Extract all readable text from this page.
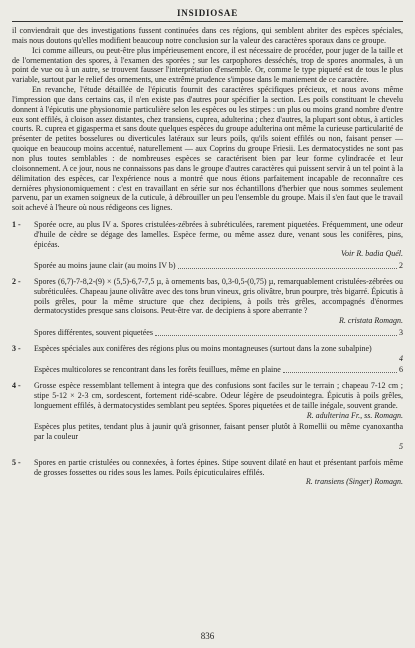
INSIDIOSAE

il conviendrait que des investigations fussent continuées dans ces régions, qui semblent abriter des espèces spéciales, mais nous doutons qu'elles modifient beaucoup notre conclusion sur la valeur des caractères sporaux dans ce groupe.

Ici comme ailleurs, ou peut-être plus impérieusement encore, il est nécessaire de procéder, pour juger de la taille et de l'ornementation des spores, à l'examen des sporées ; sur les carpophores desséchés, trop de spores anormales, à un point de vue ou à un autre, se trouvent fausser l'interprétation d'ensemble. Or, comme le type piqueté est de tous le plus variable, surtout par le relief des ornements, une extrême prudence s'impose dans le maniement de ce caractère.

En revanche, l'étude détaillée de l'épicutis fournit des caractères spécifiques précieux, et nous avons même l'impression que dans certains cas, il n'en existe pas d'autres pour spécifier la section. Les poils constituant le chevelu donnent à l'épicutis une physionomie particulière selon les espèces ou les stirpes : un plus ou moins grand nombre d'entre eux sont effilés, à cloison assez distantes, chez transiens, cuprea, adulterina ; chez d'autres, la plupart sont obtus, à articles courts. R. cuprea et gigasperma et sans doute quelques espèces du groupe adulterina ont même la curieuse particularité de présenter de petites bosselures ou diverticules latéraux sur leurs poils, qu'ils soient effilés ou non, faisant penser — quoique en beaucoup moins accentué, naturellement — aux Coprins du groupe Friesii. Les dermatocystides ne sont pas non plus toutes semblables : de nombreuses espèces se caractérisent bien par leur forme cylindracée et leur cloisonnement. A ce jour, nous ne connaissons pas dans le groupe d'autres caractères qui puissent servir à un tel point à la délimitation des espèces, car l'expérience nous a montré que nous étions parfaitement incapable de reconnaître ces dernières physionomiquement : c'est en travaillant en série sur nos échantillons d'herbier que nous sommes seulement parvenu, par un examen soigneux de la cuticule, à débrouiller un peu l'ensemble du groupe. Mais il s'en faut que le travail soit achevé à l'heure où nous rédigeons ces lignes.

1 -	Sporée ocre, au plus IV a. Spores cristulées-zébrées à subréticulées, rarement piquetées. Fréquemment, une odeur d'huile de cèdre se dégage des lamelles. Espèce ferme, ou même assez dure, venant sous les conifères, pins, épicéas.
Voir R. badia Quél.
Sporée au moins jaune clair (au moins IV b)	2
2 -	Spores (6,7)-7-8,2-(9) × (5,5)-6,7-7,5 µ, à ornements bas, 0,3-0,5-(0,75) µ, remarquablement cristulées-zébrées ou subréticulées. Chapeau jaune olivâtre avec des tons brun vineux, gris olivâtre, brun pourpre, très bigarré. Épicutis à poils grêles, pour la même structure que chez decipiens, à poils très grêles, accompagnés d'énormes dermatocystides presque sans cloisons. Peut-être var. de decipiens à spore aberrante ?
R. cristata Romagn.
Spores différentes, souvent piquetées	3
3 -	Espèces spéciales aux conifères des régions plus ou moins montagneuses (surtout dans la zone subalpine)
4
Espèces multicolores se rencontrant dans les forêts feuillues, même en plaine	6
4 -	Grosse espèce ressemblant tellement à integra que des confusions sont faciles sur le terrain ; chapeau 7-12 cm ; stipe 5-12 × 2-3 cm, sordescent, fortement ridé-scabre. Odeur légère de pseudointegra. Épicutis à poils grêles, longuement effilés, à dermatocystides semblant peu septées. Spores piquetées et de taille inégale, souvent grande.
R. adulterina Fr., ss. Romagn.
Espèces plus petites, tendant plus à jaunir qu'à grisonner, faisant penser plutôt à Romellii ou même cyanoxantha par la couleur
5
5 -	Spores en partie cristulées ou connexées, à fortes épines. Stipe souvent dilaté en haut et présentant parfois même de grosses fossettes ou rides sous les lames. Poils épicuticulaires effilés.
R. transiens (Singer) Romagn.
836
